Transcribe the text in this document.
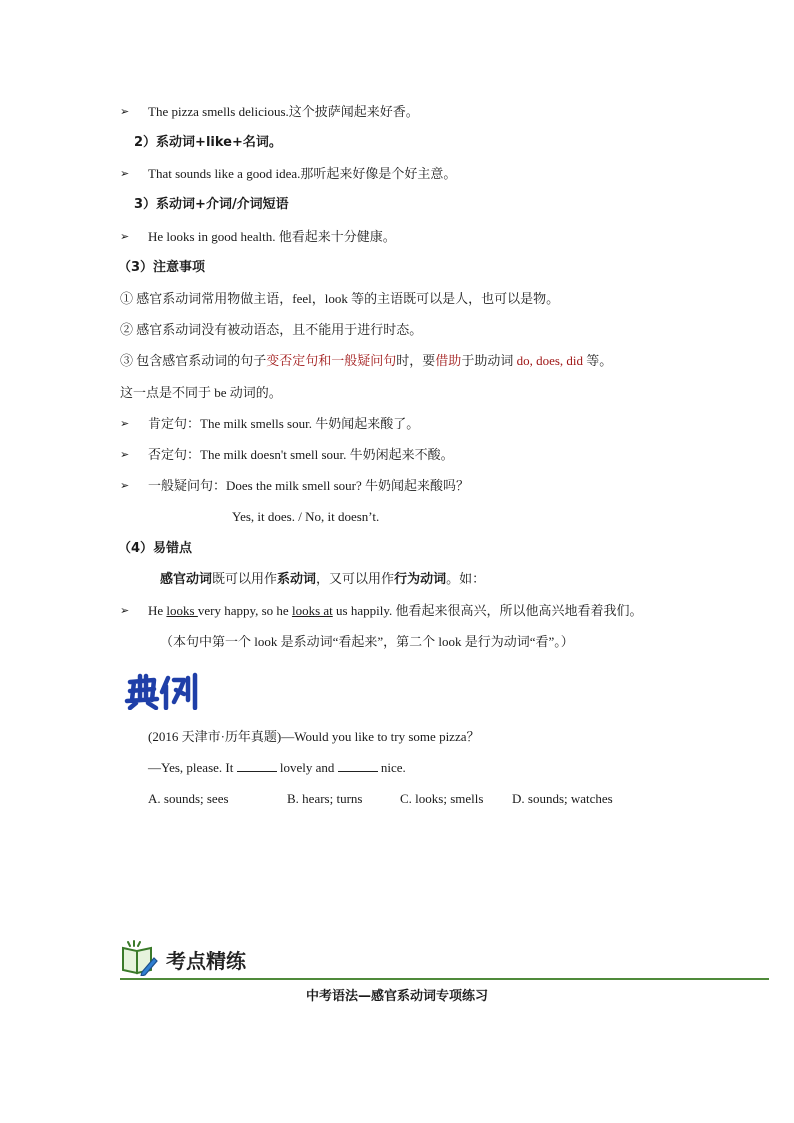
➢ The pizza smells delicious.这个披萨闻起来好香。
2）系动词+like+名词。
➢ That sounds like a good idea.那听起来好像是个好主意。
3）系动词+介词/介词短语
➢ He looks in good health. 他看起来十分健康。
（3）注意事项
① 感官系动词常用物做主语，feel，look 等的主语既可以是人，也可以是物。
② 感官系动词没有被动语态，且不能用于进行时态。
③ 包含感官系动词的句子变否定句和一般疑问句时，要借助于助动词 do, does, did 等。
这一点是不同于 be 动词的。
➢ 肯定句：The milk smells sour. 牛奶闻起来酸了。
➢ 否定句：The milk doesn't smell sour. 牛奶闲起来不酸。
➢ 一般疑问句：Does the milk smell sour? 牛奶闻起来酸吗？
Yes, it does. / No, it doesn’t.
（4）易错点
感官动词既可以用作系动词，又可以用作行为动词。如：
➢ He looks very happy, so he looks at us happily. 他看起来很高兴，所以他高兴地看着我们。
（本句中第一个 look 是系动词“看起来”，第二个 look 是行为动词“看”。）
(2016 天津市·历年真题)—Would you like to try some pizza？
—Yes, please. It	lovely and	nice.
A. sounds; sees	B. hears; turns	C. looks; smells D. sounds; watches
考点精练
中考语法—感官系动词专项练习
